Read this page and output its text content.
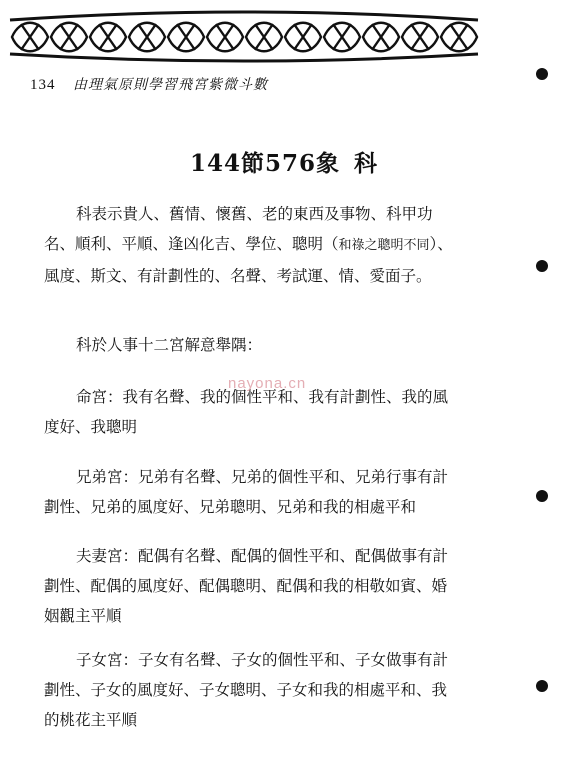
134 由理氣原則學習飛宮紫微斗數
144節576象 科

科表示貴人、舊情、懷舊、老的東西及事物、科甲功名、順利、平順、逢凶化吉、學位、聰明（和祿之聰明不同）、風度、斯文、有計劃性的、名聲、考試運、情、愛面子。

科於人事十二宮解意舉隅：

命宮：我有名聲、我的個性平和、我有計劃性、我的風度好、我聰明

兄弟宮：兄弟有名聲、兄弟的個性平和、兄弟行事有計劃性、兄弟的風度好、兄弟聰明、兄弟和我的相處平和

夫妻宮：配偶有名聲、配偶的個性平和、配偶做事有計劃性、配偶的風度好、配偶聰明、配偶和我的相敬如賓、婚姻觀主平順

子女宮：子女有名聲、子女的個性平和、子女做事有計劃性、子女的風度好、子女聰明、子女和我的相處平和、我的桃花主平順

nayona.cn
